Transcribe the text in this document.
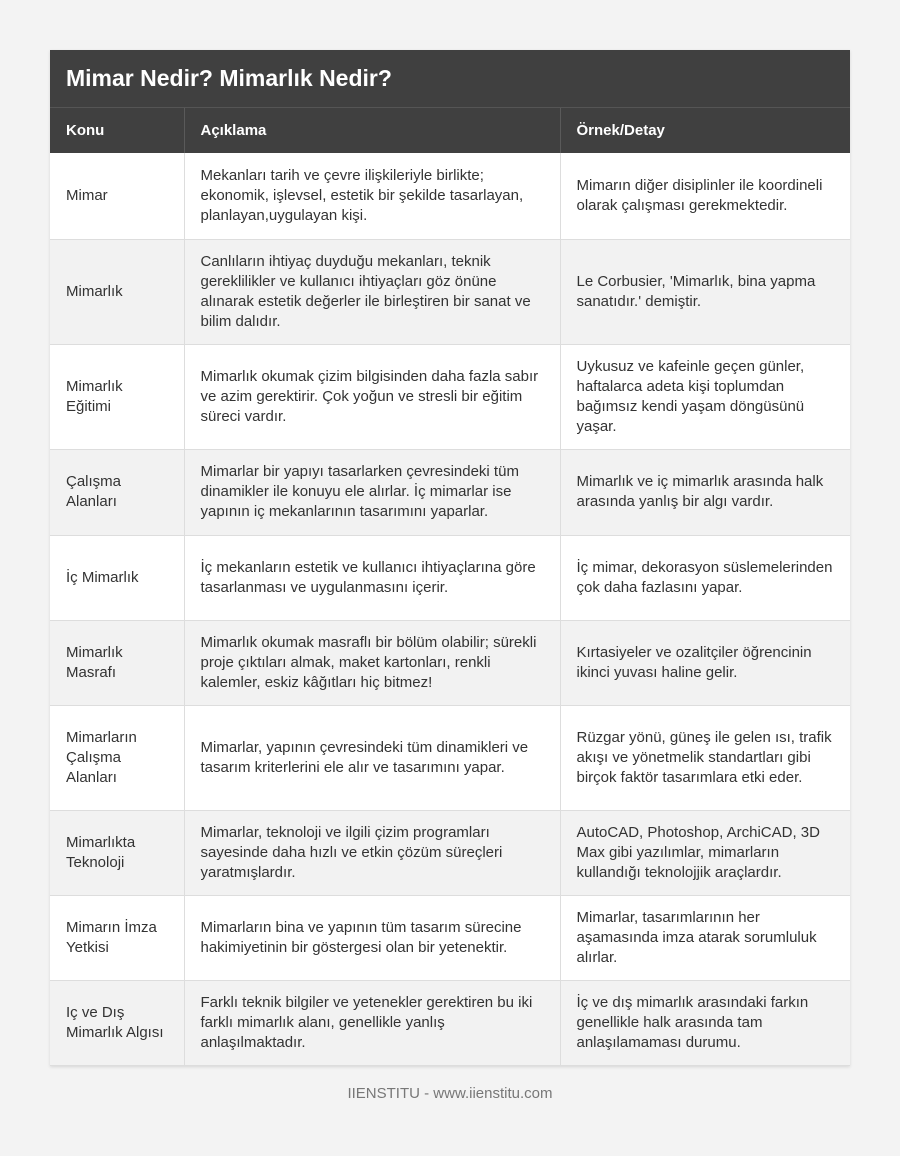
Mimar Nedir? Mimarlık Nedir?
Konu	Açıklama	Örnek/Detay
Mimar	Mekanları tarih ve çevre ilişkileriyle birlikte; ekonomik, işlevsel, estetik bir şekilde tasarlayan, planlayan,uygulayan kişi.	Mimarın diğer disiplinler ile koordineli olarak çalışması gerekmektedir.
Mimarlık	Canlıların ihtiyaç duyduğu mekanları, teknik gereklilikler ve kullanıcı ihtiyaçları göz önüne alınarak estetik değerler ile birleştiren bir sanat ve bilim dalıdır.	Le Corbusier, 'Mimarlık, bina yapma sanatıdır.' demiştir.
Mimarlık Eğitimi	Mimarlık okumak çizim bilgisinden daha fazla sabır ve azim gerektirir. Çok yoğun ve stresli bir eğitim süreci vardır.	Uykusuz ve kafeinle geçen günler, haftalarca adeta kişi toplumdan bağımsız kendi yaşam döngüsünü yaşar.
Çalışma Alanları	Mimarlar bir yapıyı tasarlarken çevresindeki tüm dinamikler ile konuyu ele alırlar. İç mimarlar ise yapının iç mekanlarının tasarımını yaparlar.	Mimarlık ve iç mimarlık arasında halk arasında yanlış bir algı vardır.
İç Mimarlık	İç mekanların estetik ve kullanıcı ihtiyaçlarına göre tasarlanması ve uygulanmasını içerir.	İç mimar, dekorasyon süslemelerinden çok daha fazlasını yapar.
Mimarlık Masrafı	Mimarlık okumak masraflı bir bölüm olabilir; sürekli proje çıktıları almak, maket kartonları, renkli kalemler, eskiz kâğıtları hiç bitmez!	Kırtasiyeler ve ozalitçiler öğrencinin ikinci yuvası haline gelir.
Mimarların Çalışma Alanları	Mimarlar, yapının çevresindeki tüm dinamikleri ve tasarım kriterlerini ele alır ve tasarımını yapar.	Rüzgar yönü, güneş ile gelen ısı, trafik akışı ve yönetmelik standartları gibi birçok faktör tasarımlara etki eder.
Mimarlıkta Teknoloji	Mimarlar, teknoloji ve ilgili çizim programları sayesinde daha hızlı ve etkin çözüm süreçleri yaratmışlardır.	AutoCAD, Photoshop, ArchiCAD, 3D Max gibi yazılımlar, mimarların kullandığı teknolojjik araçlardır.
Mimarın İmza Yetkisi	Mimarların bina ve yapının tüm tasarım sürecine hakimiyetinin bir göstergesi olan bir yetenektir.	Mimarlar, tasarımlarının her aşamasında imza atarak sorumluluk alırlar.
Iç ve Dış Mimarlık Algısı	Farklı teknik bilgiler ve yetenekler gerektiren bu iki farklı mimarlık alanı, genellikle yanlış anlaşılmaktadır.	İç ve dış mimarlık arasındaki farkın genellikle halk arasında tam anlaşılamaması durumu.
IIENSTITU - www.iienstitu.com
